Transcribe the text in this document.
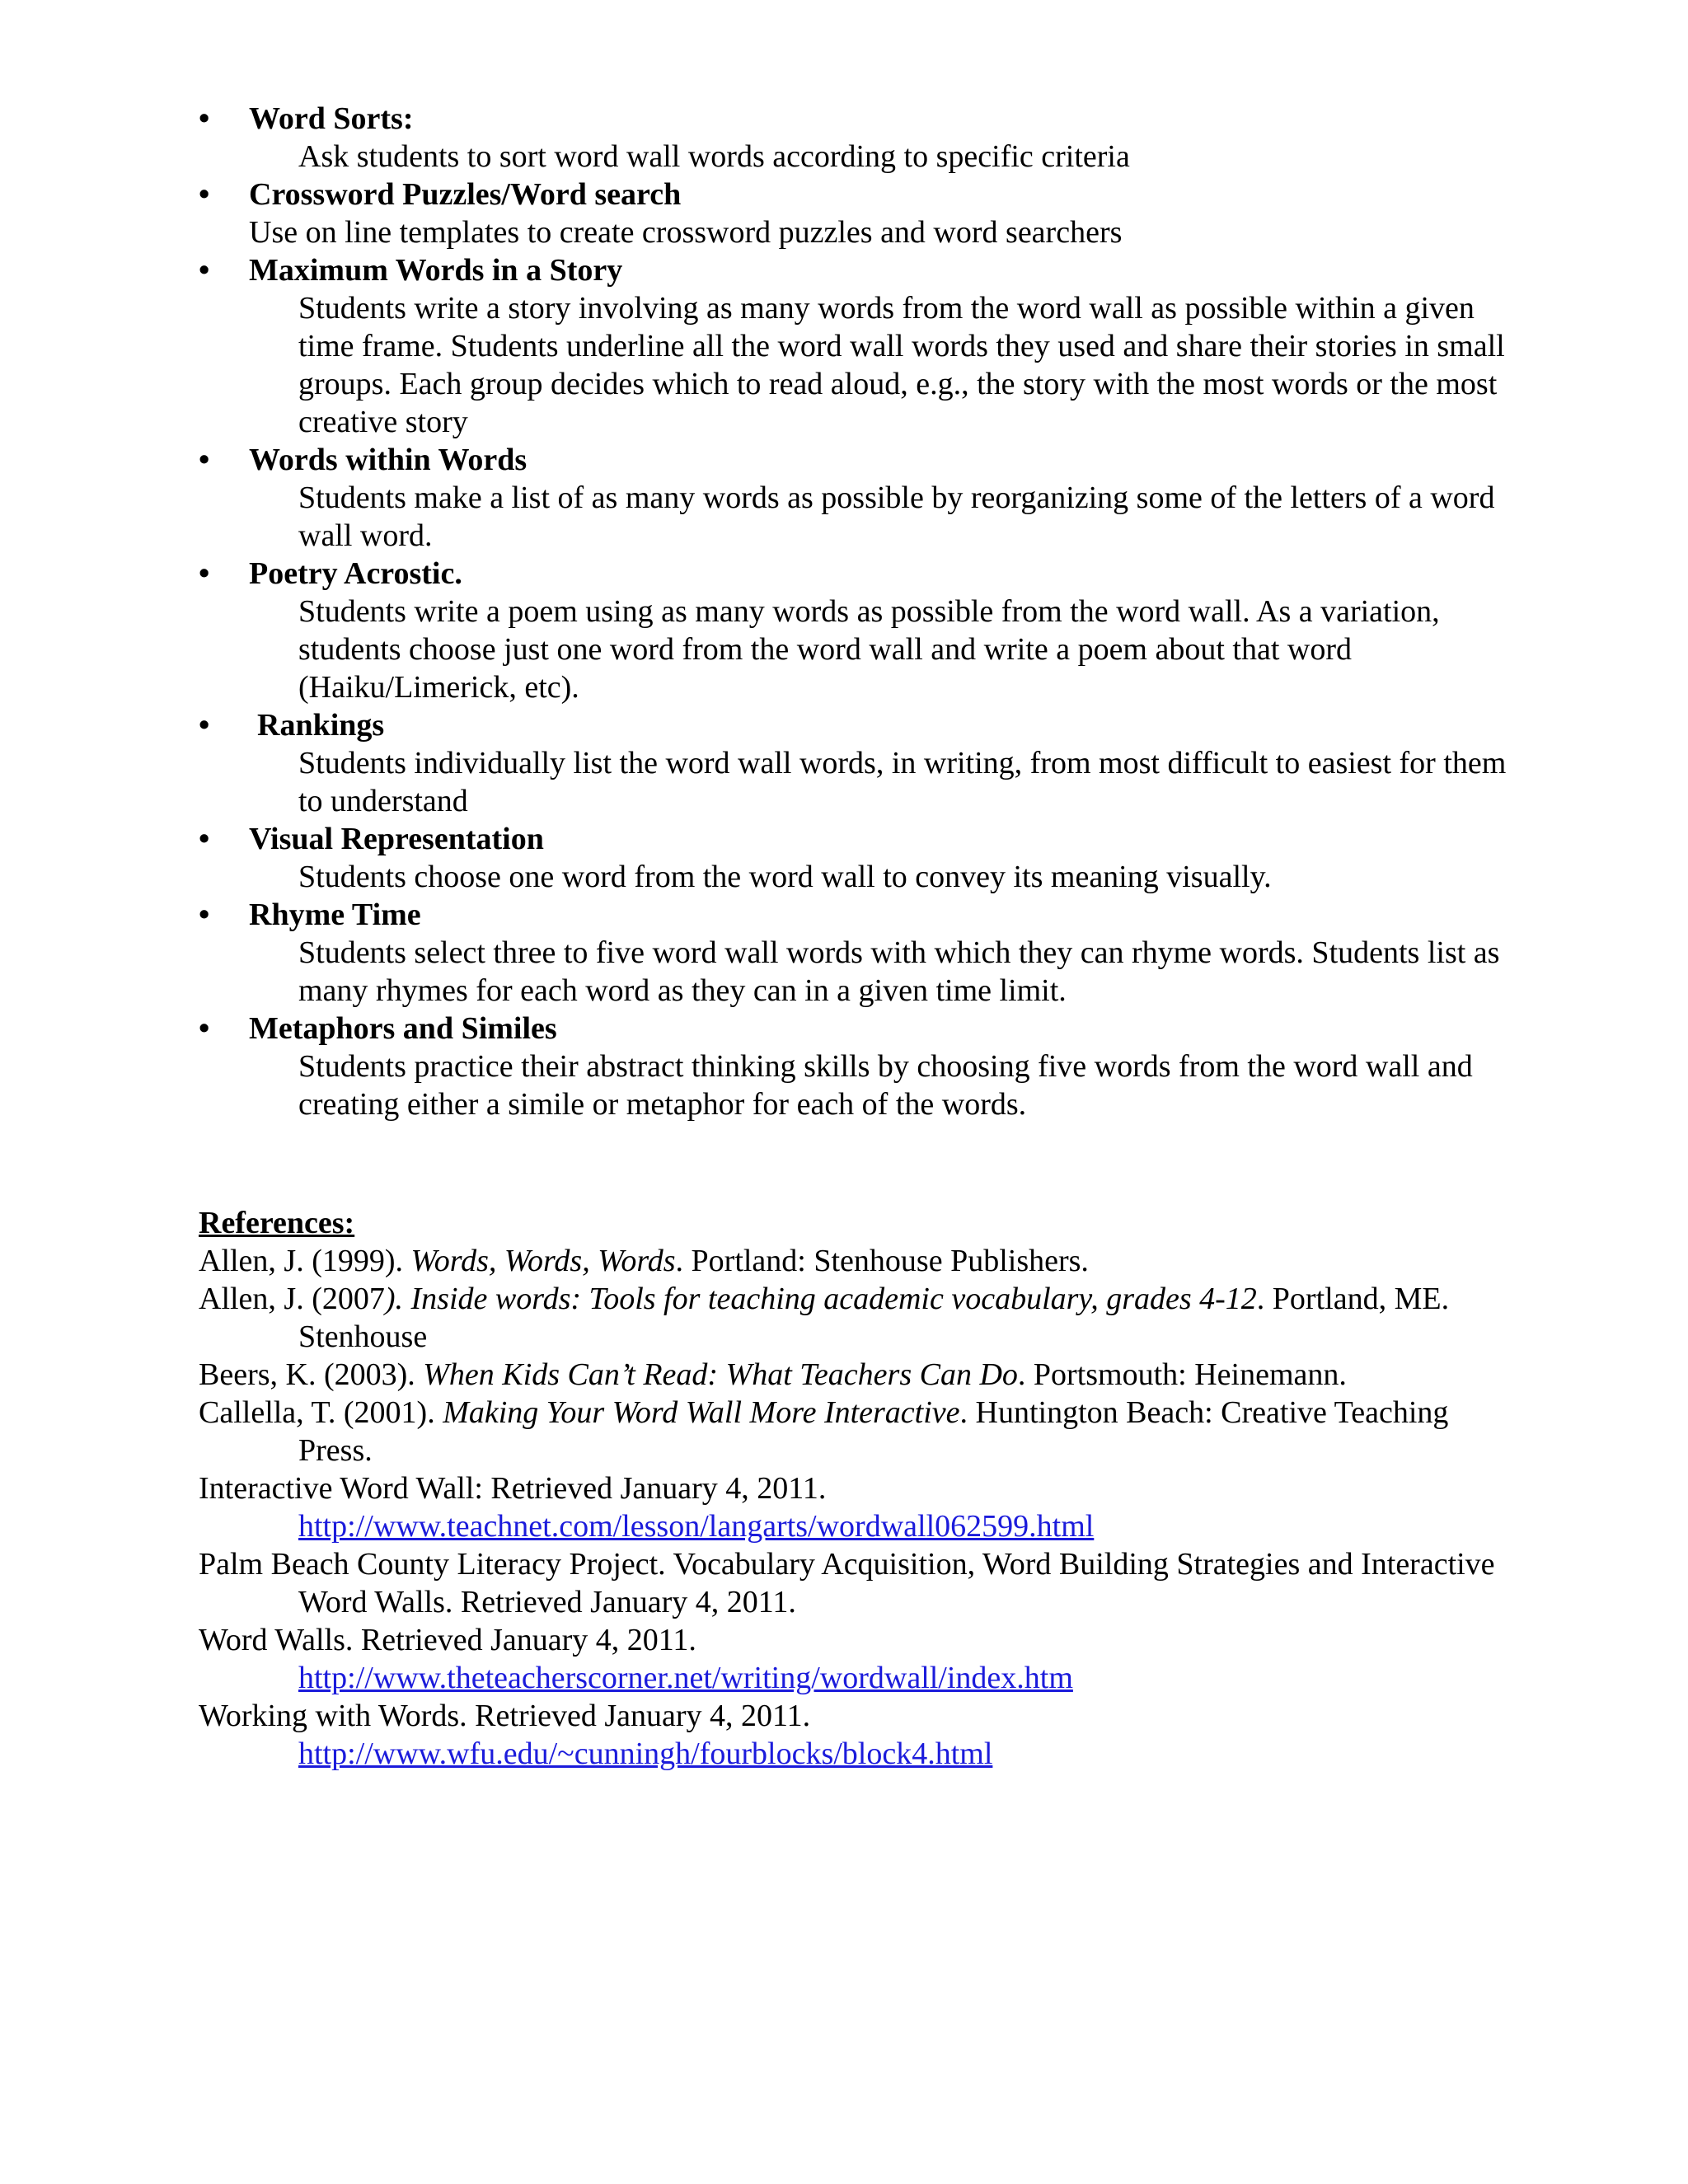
•	Word Sorts:
Ask students to sort word wall words according to specific criteria
•	Crossword Puzzles/Word search
Use on line templates to create crossword puzzles and word searchers
•	Maximum Words in a Story
Students write a story involving as many words from the word wall as possible within a given time frame. Students underline all the word wall words they used and share their stories in small groups. Each group decides which to read aloud, e.g., the story with the most words or the most creative story
•	Words within Words
Students make a list of as many words as possible by reorganizing some of the letters of a word wall word.
•	Poetry Acrostic.
Students write a poem using as many words as possible from the word wall. As a variation, students choose just one word from the word wall and write a poem about that word (Haiku/Limerick, etc).
•	Rankings
Students individually list the word wall words, in writing, from most difficult to easiest for them to understand
•	Visual Representation
Students choose one word from the word wall to convey its meaning visually.
•	Rhyme Time
Students select three to five word wall words with which they can rhyme words. Students list as many rhymes for each word as they can in a given time limit.
•	Metaphors and Similes
Students practice their abstract thinking skills by choosing five words from the word wall and creating either a simile or metaphor for each of the words.
References:
Allen, J. (1999). Words, Words, Words. Portland: Stenhouse Publishers.
Allen, J. (2007). Inside words: Tools for teaching academic vocabulary, grades 4-12. Portland, ME. Stenhouse
Beers, K. (2003). When Kids Can’t Read: What Teachers Can Do. Portsmouth: Heinemann.
Callella, T. (2001). Making Your Word Wall More Interactive. Huntington Beach: Creative Teaching Press.
Interactive Word Wall: Retrieved January 4, 2011.
http://www.teachnet.com/lesson/langarts/wordwall062599.html
Palm Beach County Literacy Project. Vocabulary Acquisition, Word Building Strategies and Interactive Word Walls. Retrieved January 4, 2011.
Word Walls. Retrieved January 4, 2011.
http://www.theteacherscorner.net/writing/wordwall/index.htm
Working with Words. Retrieved January 4, 2011.
http://www.wfu.edu/~cunningh/fourblocks/block4.html
